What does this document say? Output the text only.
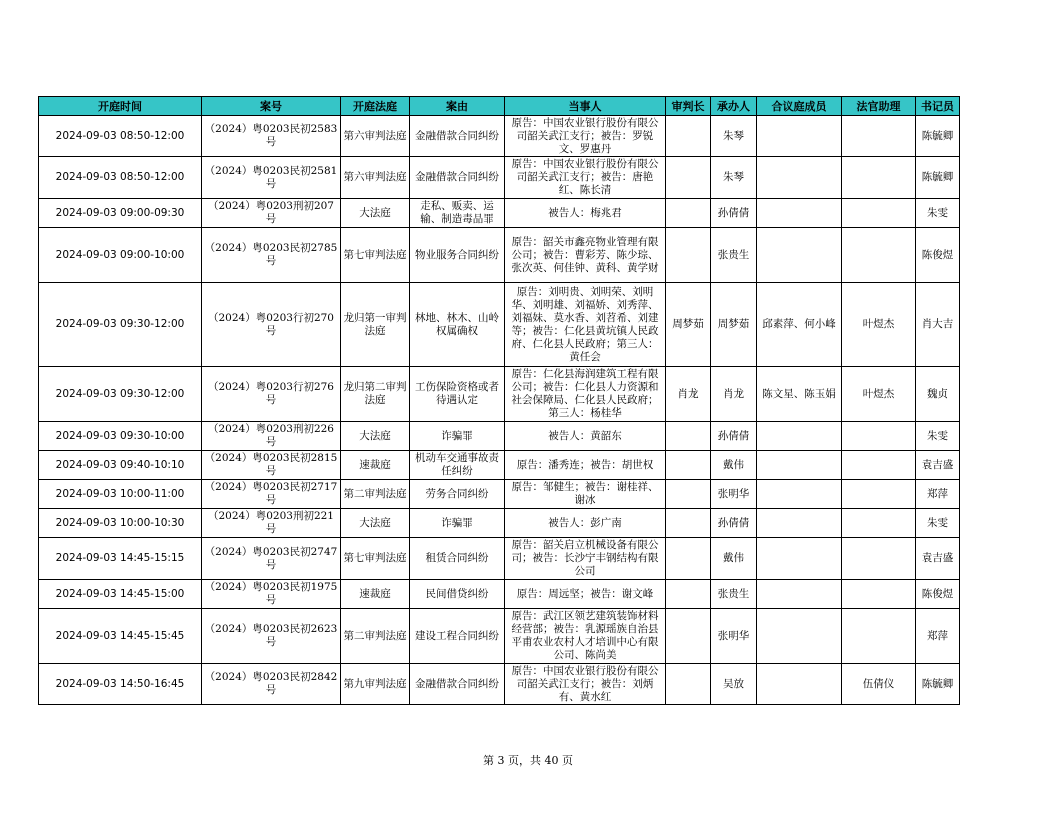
开庭时间	案号	开庭法庭	案由	当事人	审判长	承办人	合议庭成员	法官助理	书记员

2024-09-03 08:50-12:00	（2024）粤0203民初2583号	第六审判法庭	金融借款合同纠纷	原告：中国农业银行股份有限公司韶关武江支行；被告：罗锐文、罗惠丹		朱琴			陈毓卿

2024-09-03 08:50-12:00	（2024）粤0203民初2581号	第六审判法庭	金融借款合同纠纷	原告：中国农业银行股份有限公司韶关武江支行；被告：唐艳红、陈长清		朱琴			陈毓卿

2024-09-03 09:00-09:30	（2024）粤0203刑初207号	大法庭	走私、贩卖、运输、制造毒品罪	被告人：梅兆君		孙倩倩			朱雯

2024-09-03 09:00-10:00	（2024）粤0203民初2785号	第七审判法庭	物业服务合同纠纷	原告：韶关市鑫亮物业管理有限公司；被告：曹彩芳、陈少琮、张次英、何佳钟、黄科、黄学财		张贵生			陈俊煜

2024-09-03 09:30-12:00	（2024）粤0203行初270号	龙归第一审判法庭	林地、林木、山岭权属确权	原告：刘明贵、刘明荣、刘明华、刘明雄、刘福娇、刘秀萍、刘福妹、莫水香、刘苕希、刘建等；被告：仁化县黄坑镇人民政府、仁化县人民政府；第三人：黄任会	周梦茹	周梦茹	邱素萍、何小峰	叶煜杰	肖大吉

2024-09-03 09:30-12:00	（2024）粤0203行初276号	龙归第二审判法庭	工伤保险资格或者待遇认定	原告：仁化县海润建筑工程有限公司；被告：仁化县人力资源和社会保障局、仁化县人民政府；第三人：杨桂华	肖龙	肖龙	陈文星、陈玉娟	叶煜杰	魏贞

2024-09-03 09:30-10:00	（2024）粤0203刑初226号	大法庭	诈骗罪	被告人：黄韶东		孙倩倩			朱雯

2024-09-03 09:40-10:10	（2024）粤0203民初2815号	速裁庭	机动车交通事故责任纠纷	原告：潘秀连；被告：胡世权		戴伟			袁吉盛

2024-09-03 10:00-11:00	（2024）粤0203民初2717号	第二审判法庭	劳务合同纠纷	原告：邹健生；被告：谢桂祥、谢冰		张明华			郑萍

2024-09-03 10:00-10:30	（2024）粤0203刑初221号	大法庭	诈骗罪	被告人：彭广南		孙倩倩			朱雯

2024-09-03 14:45-15:15	（2024）粤0203民初2747号	第七审判法庭	租赁合同纠纷	原告：韶关启立机械设备有限公司；被告：长沙宁丰钢结构有限公司		戴伟			袁吉盛

2024-09-03 14:45-15:00	（2024）粤0203民初1975号	速裁庭	民间借贷纠纷	原告：周远坚；被告：谢文峰		张贵生			陈俊煜

2024-09-03 14:45-15:45	（2024）粤0203民初2623号	第二审判法庭	建设工程合同纠纷	原告：武江区领艺建筑装饰材料经营部；被告：乳源瑶族自治县平甫农业农村人才培训中心有限公司、陈尚美		张明华			郑萍

2024-09-03 14:50-16:45	（2024）粤0203民初2842号	第九审判法庭	金融借款合同纠纷	原告：中国农业银行股份有限公司韶关武江支行；被告：刘炳有、黄水红		吴放		伍倩仪	陈毓卿
第 3 页，共 40 页
